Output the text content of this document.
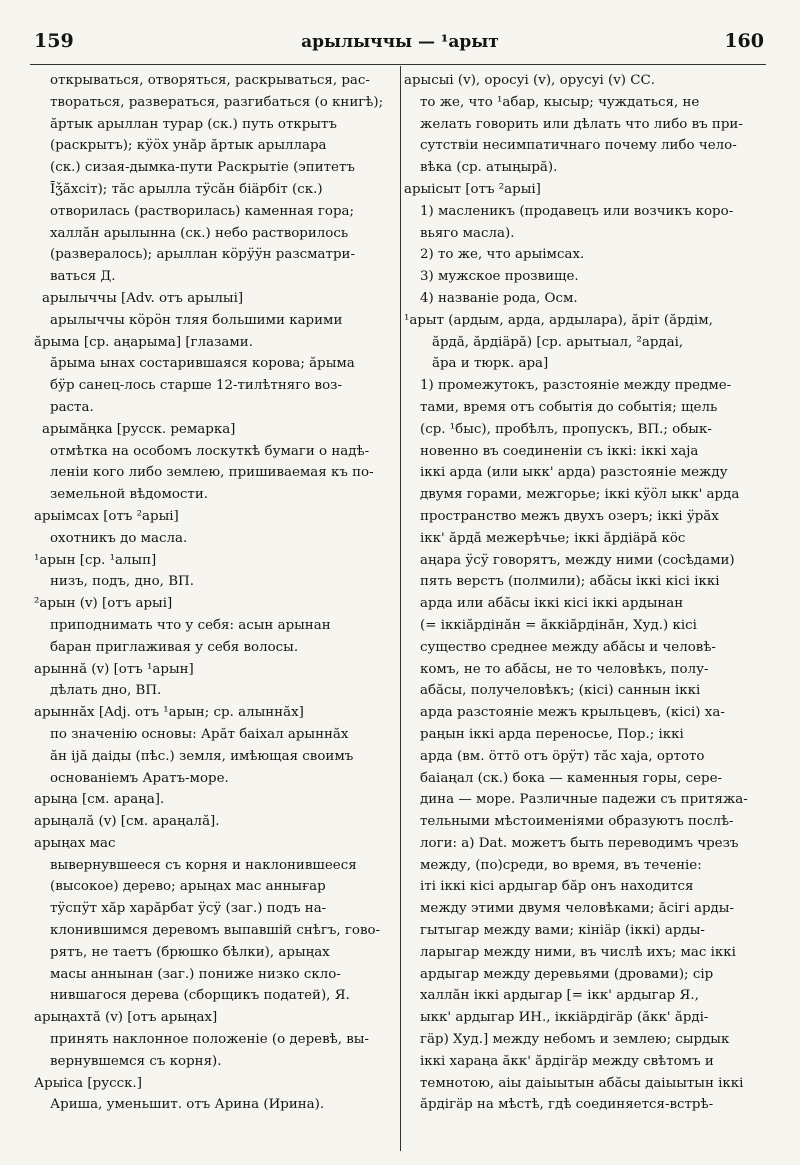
159	арылыччы — ¹арыт	160

открываться, отворяться, раскрываться, рас-

твораться, развераться, разгибаться (о книгѣ);

ăртык арыллан турар (ск.) путь открытъ

(раскрытъ); кӱӧх унăр ăртык арыллара

(ск.) сизая-дымка-пути Раскрытіе (эпитетъ

Īǯăхсіт); тăс арылла тӱсăн біäрбіт (ск.)

отворилась (растворилась) каменная гора;

халлăн арылынна (ск.) небо растворилось

(развералось); арыллан кӧрӱӱн разсматри-

ваться Д.

арылыччы [Adv. отъ арылыі]

арылыччы кӧрӧн тляя большими карими

ăрыма [ср. аңарыма] [глазами.

ăрыма ынах состарившаяся корова; ăрыма

бӱр санец-лось старше 12-тилѣтняго воз-

раста.

арымăңка [русск. ремарка]

отмѣтка на особомъ лоскуткѣ бумаги о надѣ-

леніи кого либо землею, пришиваемая къ по-

земельной вѣдомости.

арыімсах [отъ ²арыі]

охотникъ до масла.

¹арын [ср. ¹алып]

низъ, подъ, дно, ВП.

²арын (v) [отъ арыі]

приподнимать что у себя: асын арынан

баран приглаживая у себя волосы.

арыннă (v) [отъ ¹арын]

дѣлать дно, ВП.

арыннăх [Adj. отъ ¹арын; ср. алыннăх]

по значенію основы: Арăт баіхал арыннăх

ăн іјă даіды (пѣс.) земля, имѣющая своимъ

основаніемъ Аратъ-море.

арыңа [см. араңа].

арыңалă (v) [см. араңалă].

арыңах мас

вывернувшееся съ корня и наклонившееся

(высокое) дерево; арыңах мас аннығар

тӱспӱт хăр харăрбат ӱсӱ (заг.) подъ на-

клонившимся деревомъ выпавшій снѣгъ, гово-

рятъ, не таетъ (брюшко бѣлки), арыңах

масы аннынан (заг.) пониже низко скло-

нившагося дерева (сборщикъ податей), Я.

арыңахтă (v) [отъ арыңах]

принять наклонное положеніе (о деревѣ, вы-

вернувшемся съ корня).

Арыіса [русск.]

Ариша, уменьшит. отъ Арина (Ирина).

арысыі (v), оросуі (v), орусуі (v) СС.

то же, что ¹абар, кысыр; чуждаться, не

желать говорить или дѣлать что либо въ при-

сутствіи несимпатичнаго почему либо чело-

вѣка (ср. атыңырă).

арыісыт [отъ ²арыі]

1) масленикъ (продавецъ или возчикъ коро-

вьяго масла).

2) то же, что арыімсах.

3) мужское прозвище.

4) названіе рода, Осм.

¹арыт (ардым, арда, ардылара), ăріт (ăрдім,

ăрдă, ăрдіäрă) [ср. арытыал, ²ардаі,

ăра и тюрк. ара]

1) промежутокъ, разстояніе между предме-

тами, время отъ событія до событія; щель

(ср. ¹быс), пробѣлъ, пропускъ, ВП.; обык-

новенно въ соединеніи съ іккі: іккі хаја

іккі арда (или ыкк' арда) разстояніе между

двумя горами, межгорье; іккі кӱӧл ыкк' арда

пространство межъ двухъ озеръ; іккі ӱрăх

ікк' ăрдă межерѣчье; іккі ăрдіäрă кöс

аңара ӱсӱ говорятъ, между ними (сосѣдами)

пять верстъ (полмили); абăсы іккі кісі іккі

арда или абăсы іккі кісі іккі ардынан

(= іккіăрдінăн = ăккіăрдінăн, Худ.) кісі

существо среднее между абăсы и человѣ-

комъ, не то абăсы, не то человѣкъ, полу-

абăсы, получеловѣкъ; (кісі) саннын іккі

арда разстояніе межъ крыльцевъ, (кісі) ха-

раңын іккі арда переносье, Пор.; іккі

арда (вм. öттö отъ öрӱт) тăс хаја, ортото

баіаңал (ск.) бока — каменныя горы, сере-

дина — море. Различные падежи съ притяжа-

тельными мѣстоименіями образуютъ послѣ-

логи: а) Dat. можетъ быть переводимъ чрезъ

между, (по)среди, во время, въ теченіе:

іті іккі кісі ардыгар бăр онъ находится

между этими двумя человѣками; ăсігі арды-

гытыгар между вами; кініäр (іккі) арды-

ларыгар между ними, въ числѣ ихъ; мас іккі

ардыгар между деревьями (дровами); сір

халлăн іккі ардыгар [= ікк' ардыгар Я.,

ыкк' ардыгар ИН., іккіäрдігäр (ăкк' ăрді-

гäр) Худ.] между небомъ и землею; сырдык

іккі хараңа ăкк' ăрдігäр между свѣтомъ и

темнотою, аіы даіыытын абăсы даіыытын іккі

ăрдігäр на мѣстѣ, гдѣ соединяется-встрѣ-
